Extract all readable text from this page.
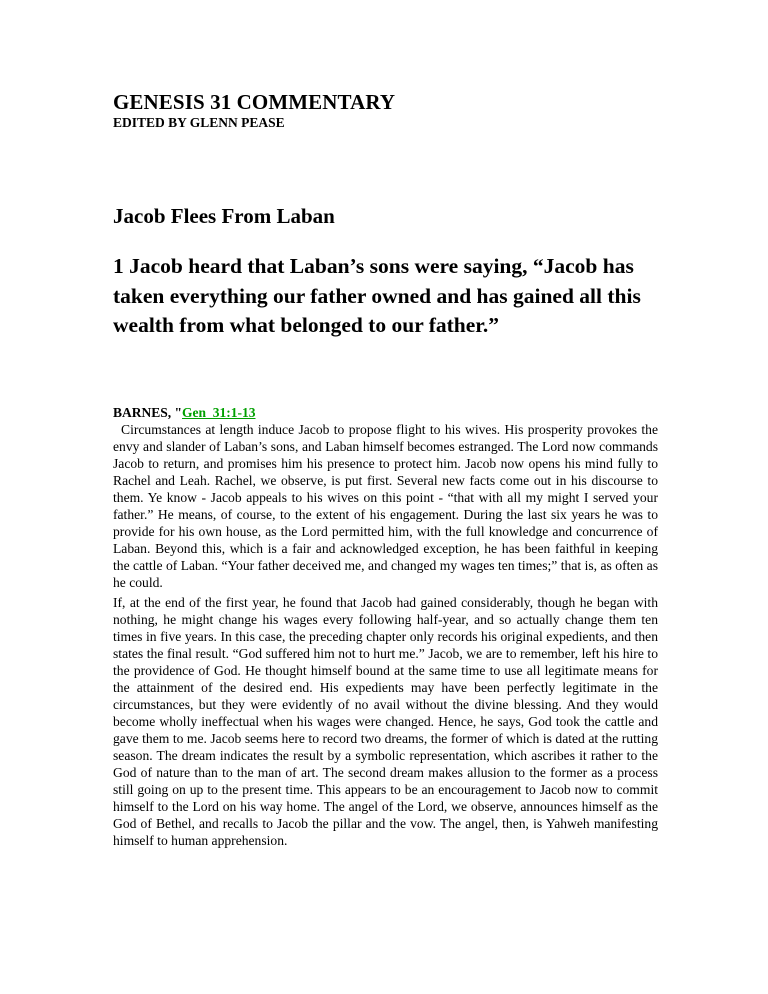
GENESIS 31 COMMENTARY
EDITED BY GLENN PEASE
Jacob Flees From Laban

1 Jacob heard that Laban’s sons were saying, “Jacob has taken everything our father owned and has gained all this wealth from what belonged to our father.”

BARNES, "Gen_31:1-13

Circumstances at length induce Jacob to propose flight to his wives. His prosperity provokes the envy and slander of Laban’s sons, and Laban himself becomes estranged. The Lord now commands Jacob to return, and promises him his presence to protect him. Jacob now opens his mind fully to Rachel and Leah. Rachel, we observe, is put first. Several new facts come out in his discourse to them. Ye know - Jacob appeals to his wives on this point - “that with all my might I served your father.” He means, of course, to the extent of his engagement. During the last six years he was to provide for his own house, as the Lord permitted him, with the full knowledge and concurrence of Laban. Beyond this, which is a fair and acknowledged exception, he has been faithful in keeping the cattle of Laban. “Your father deceived me, and changed my wages ten times;” that is, as often as he could.

If, at the end of the first year, he found that Jacob had gained considerably, though he began with nothing, he might change his wages every following half-year, and so actually change them ten times in five years. In this case, the preceding chapter only records his original expedients, and then states the final result. “God suffered him not to hurt me.” Jacob, we are to remember, left his hire to the providence of God. He thought himself bound at the same time to use all legitimate means for the attainment of the desired end. His expedients may have been perfectly legitimate in the circumstances, but they were evidently of no avail without the divine blessing. And they would become wholly ineffectual when his wages were changed. Hence, he says, God took the cattle and gave them to me. Jacob seems here to record two dreams, the former of which is dated at the rutting season. The dream indicates the result by a symbolic representation, which ascribes it rather to the God of nature than to the man of art. The second dream makes allusion to the former as a process still going on up to the present time. This appears to be an encouragement to Jacob now to commit himself to the Lord on his way home. The angel of the Lord, we observe, announces himself as the God of Bethel, and recalls to Jacob the pillar and the vow. The angel, then, is Yahweh manifesting himself to human apprehension.
